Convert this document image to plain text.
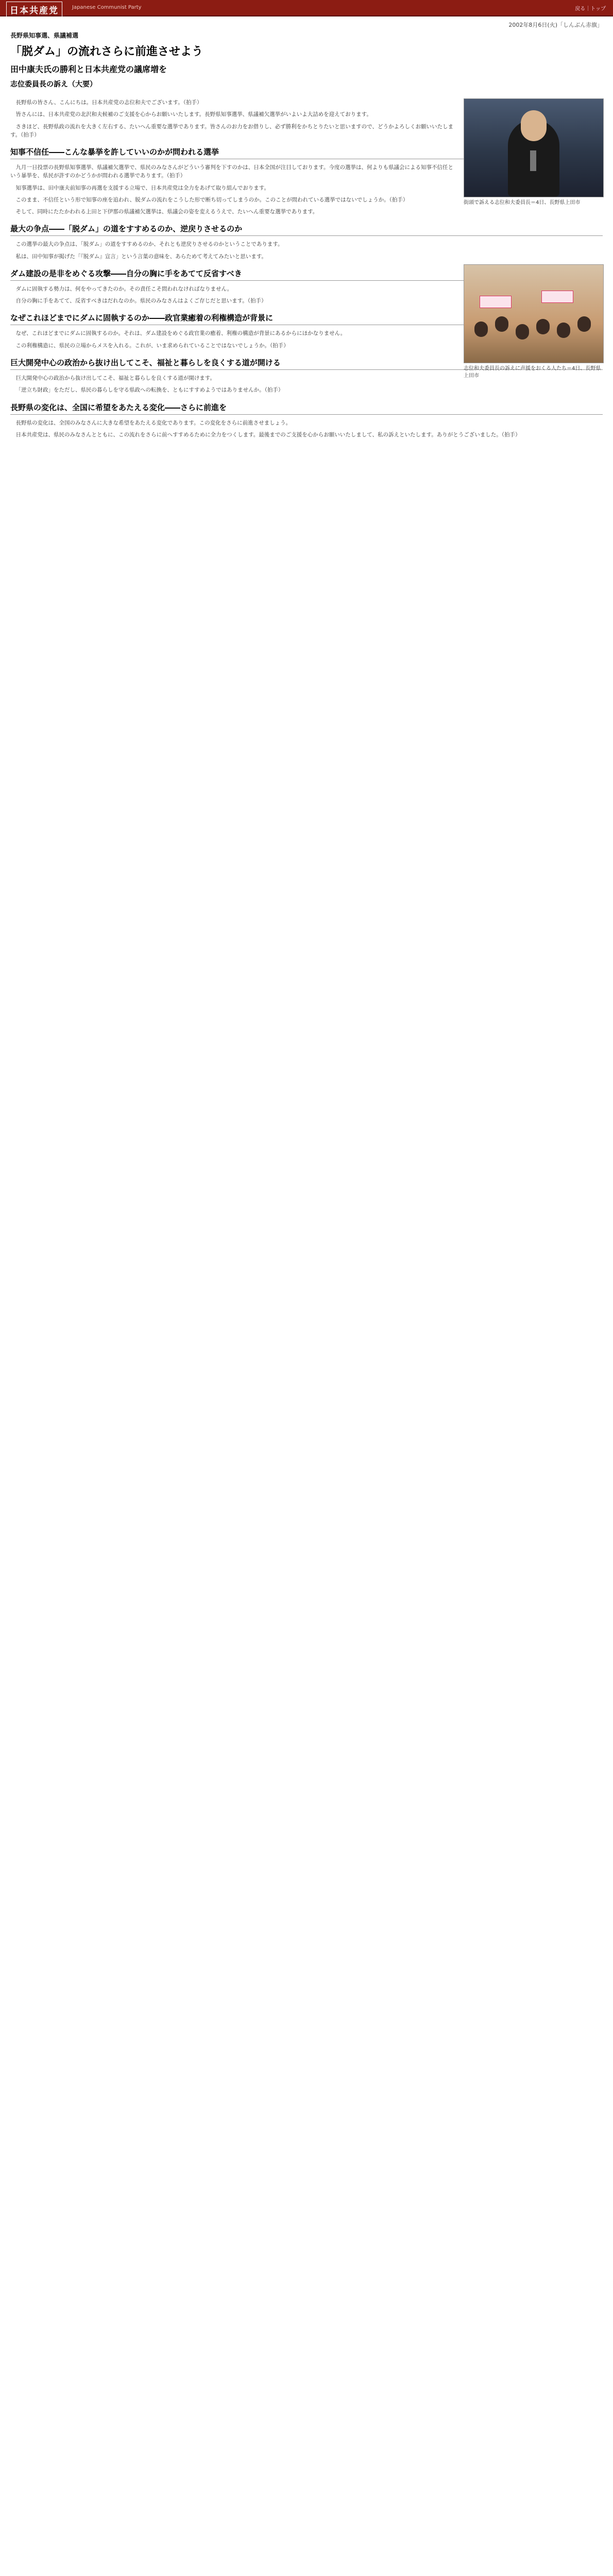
日本共産党	Japanese Communist Party	戻る｜トップ
2002年8月6日(火)「しんぶん赤旗」
長野県知事選、県議補選
「脱ダム」の流れさらに前進させよう
田中康夫氏の勝利と日本共産党の議席増を
志位委員長の訴え（大要）
街頭で訴える志位和夫委員長＝4日、長野県上田市

長野県の皆さん、こんにちは。日本共産党の志位和夫でございます。（拍手）

皆さんには、日本共産党の北沢和夫候補のご支援を心からお願いいたします。長野県知事選挙、県議補欠選挙がいよいよ大詰めを迎えております。

さきほど、長野県政の流れを大きく左右する、たいへん重要な選挙であります。皆さんのお力をお借りし、必ず勝利をかちとりたいと思いますので、どうかよろしくお願いいたします。（拍手）

知事不信任――こんな暴挙を許していいのかが問われる選挙

九月一日投票の長野県知事選挙、県議補欠選挙で、県民のみなさんがどういう審判を下すのかは、日本全国が注目しております。今度の選挙は、何よりも県議会による知事不信任という暴挙を、県民が許すのかどうかが問われる選挙であります。（拍手）

知事選挙は、田中康夫前知事の再選を支援する立場で、日本共産党は全力をあげて取り組んでおります。

このまま、不信任という形で知事の座を追われ、脱ダムの流れをこうした形で断ち切ってしまうのか。このことが問われている選挙ではないでしょうか。（拍手）

そして、同時にたたかわれる上田と下伊那の県議補欠選挙は、県議会の姿を変えるうえで、たいへん重要な選挙であります。

最大の争点――「脱ダム」の道をすすめるのか、逆戻りさせるのか

この選挙の最大の争点は、「脱ダム」の道をすすめるのか、それとも逆戻りさせるのかということであります。

私は、田中知事が掲げた「『脱ダム』宣言」という言葉の意味を、あらためて考えてみたいと思います。

志位和夫委員長の訴えに声援をおくる人たち＝4日、長野県上田市
ダム建設の是非をめぐる攻撃――自分の胸に手をあてて反省すべき

ダムに固執する勢力は、何をやってきたのか。その責任こそ問われなければなりません。

自分の胸に手をあてて、反省すべきはだれなのか。県民のみなさんはよくご存じだと思います。（拍手）

なぜこれほどまでにダムに固執するのか――政官業癒着の利権構造が背景に

なぜ、これほどまでにダムに固執するのか。それは、ダム建設をめぐる政官業の癒着、利権の構造が背景にあるからにほかなりません。

この利権構造に、県民の立場からメスを入れる。これが、いま求められていることではないでしょうか。（拍手）

巨大開発中心の政治から抜け出してこそ、福祉と暮らしを良くする道が開ける

巨大開発中心の政治から抜け出してこそ、福祉と暮らしを良くする道が開けます。

「逆立ち財政」をただし、県民の暮らしを守る県政への転換を、ともにすすめようではありませんか。（拍手）

長野県の変化は、全国に希望をあたえる変化――さらに前進を

長野県の変化は、全国のみなさんに大きな希望をあたえる変化であります。この変化をさらに前進させましょう。

日本共産党は、県民のみなさんとともに、この流れをさらに前へすすめるために全力をつくします。最後までのご支援を心からお願いいたしまして、私の訴えといたします。ありがとうございました。（拍手）
